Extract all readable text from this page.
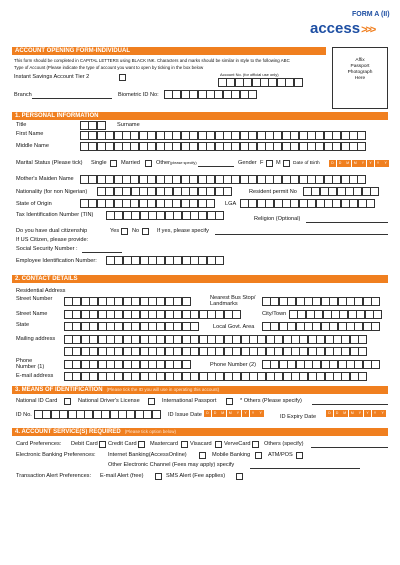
FORM A (II)
access>>>
ACCOUNT OPENING FORM-INDIVIDUAL
This form should be completed in CAPITAL LETTERS using BLACK INK. Characters and marks should be similar in style to the following ABC
Type of Account (Please indicate the type of account you want to open by ticking in the box below
Instant Savings Account Tier 2	Account No. (for official use only)
Affix
Passport
Photograph
Here
Branch	Biometric ID No:
1. PERSONAL INFORMATION
Title	Surname
First Name
Middle Name
Marital Status (Please tick) Single	Married	Other(please specify)	Gender F M	Date of Birth	D	D	M	M	Y	Y	Y	Y
Mother's Maiden Name
Nationality (for non Nigerian)	Resident permit No
State of Origin	LGA
Tax Identification Number (TIN)
Religion (Optional)
Do you have dual citizenship	Yes No	If yes, please specify
If US Citizen, please provide:
Social Security Number :
Employee Identification Number:
2. CONTACT DETAILS
Residential Address
Street Number	Nearest Bus Stop/
Landmarks
Street Name	City/Town
State	Local Govt. Area
Mailing address
Phone
Number (1)	Phone Number (2)
E-mail address
3. MEANS OF IDENTIFICATION (Please tick the ID you will use in operating this account)
National ID Card	National Driver's License	International Passport	* Others (Please specify)
ID No.	ID Issue Date	D	D	M	M	Y	Y	Y	Y
ID Expiry Date
D	D	M	M	Y	Y	Y	Y
4. ACCOUNT SERVICE(S) REQUIRED (Please tick option below)
Card Preferences: Debit Card Credit Card Mastercard Visacard VerveCard Others (specify)
Electronic Banking Preferences: Internet Banking(AccessOnline)	Mobile Banking	ATM/POS
Other Electronic Channel (Fees may apply) specify
Transaction Alert Preferences: E-mail Alert (free)	SMS Alert (Fee applies)
